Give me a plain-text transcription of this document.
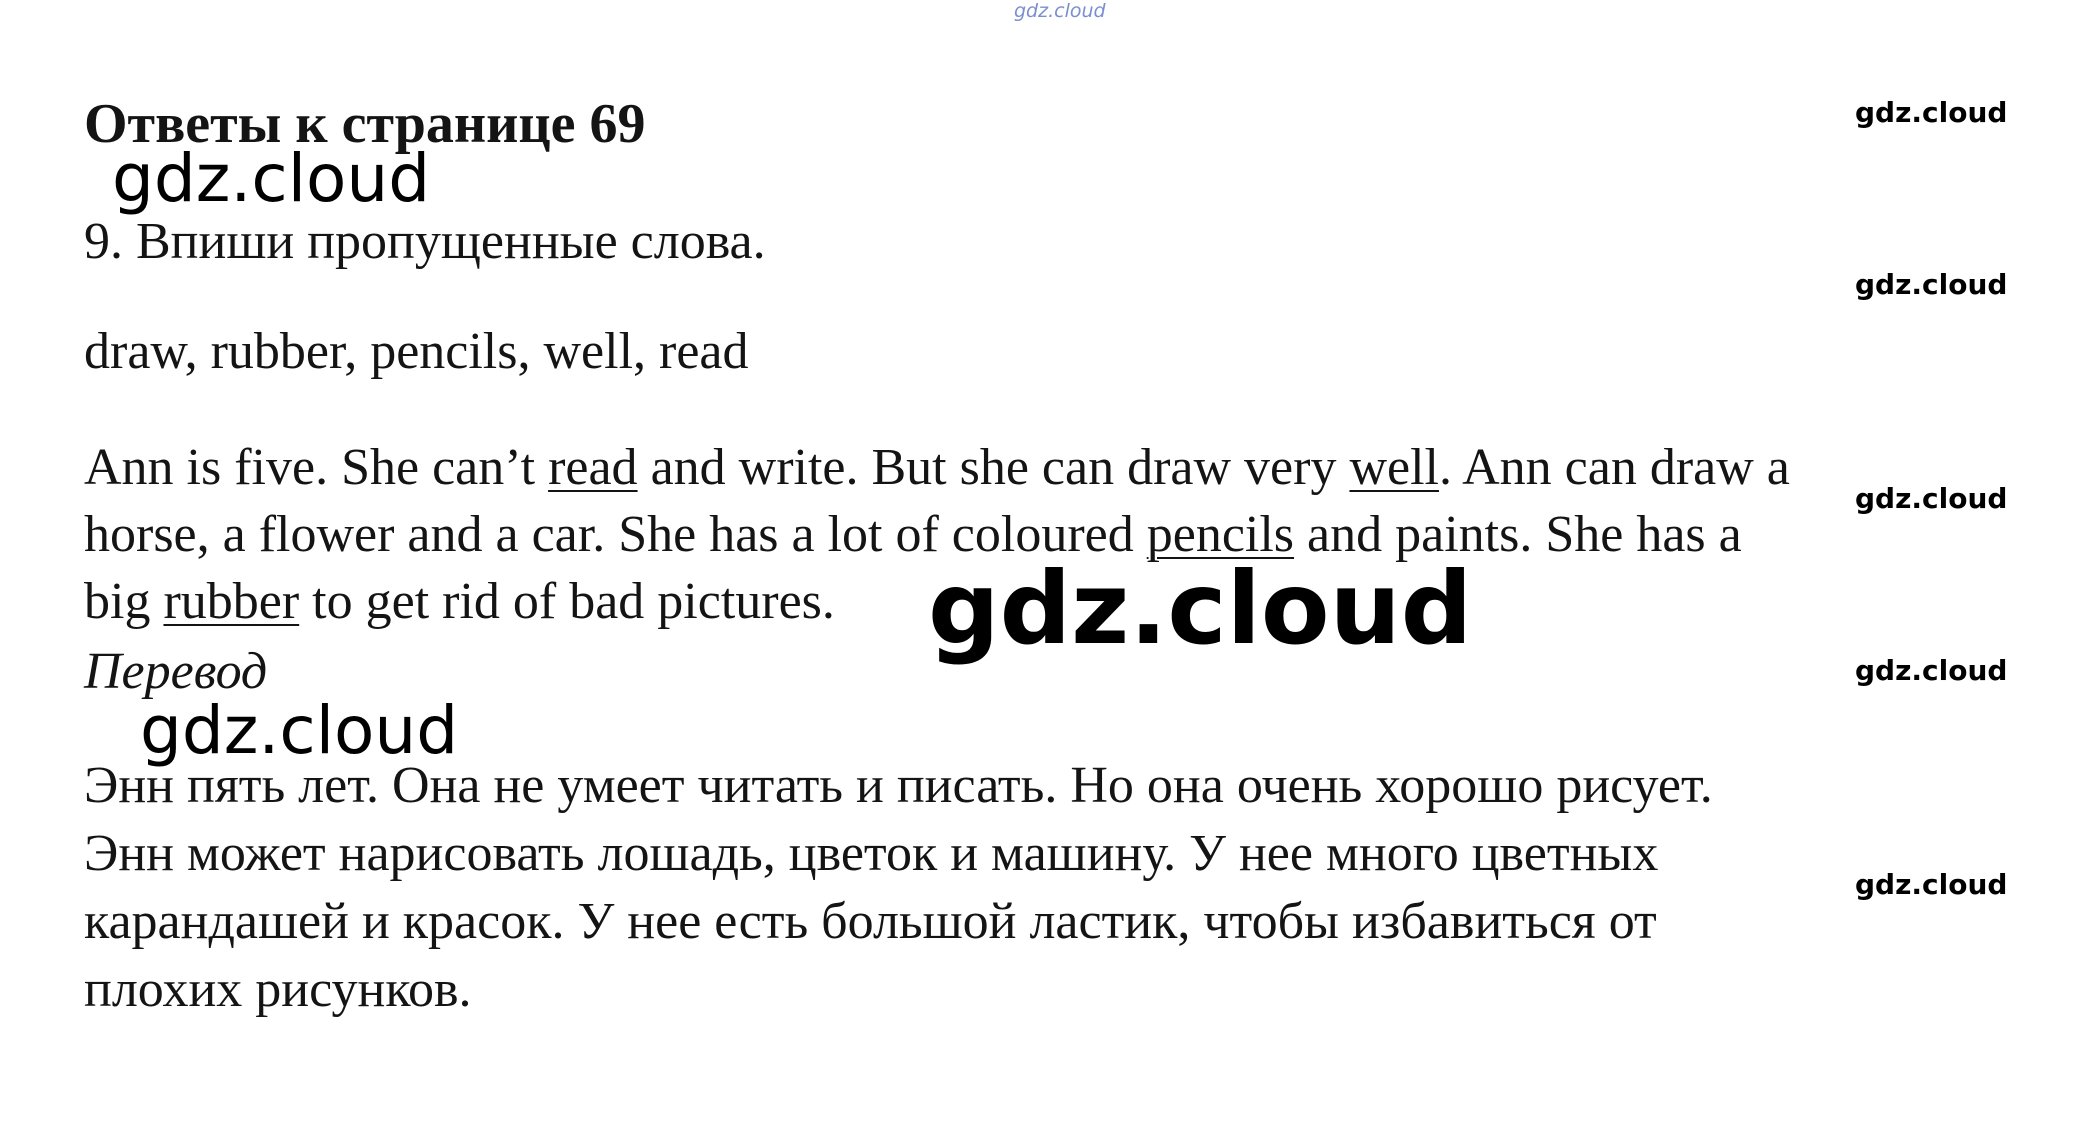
gdz.cloud
Ответы к странице 69
9. Впиши пропущенные слова.
draw, rubber, pencils, well, read

Ann is five. She can’t read and write. But she can draw very well. Ann can draw a
horse, a flower and a car. She has a lot of coloured pencils and paints. She has a
big rubber to get rid of bad pictures.

Перевод

Энн пять лет. Она не умеет читать и писать. Но она очень хорошо рисует.
Энн может нарисовать лошадь, цветок и машину. У нее много цветных
карандашей и красок. У нее есть большой ластик, чтобы избавиться от
плохих рисунков.

gdz.cloud
gdz.cloud
gdz.cloud
gdz.cloud
gdz.cloud
gdz.cloud
gdz.cloud
gdz.cloud
